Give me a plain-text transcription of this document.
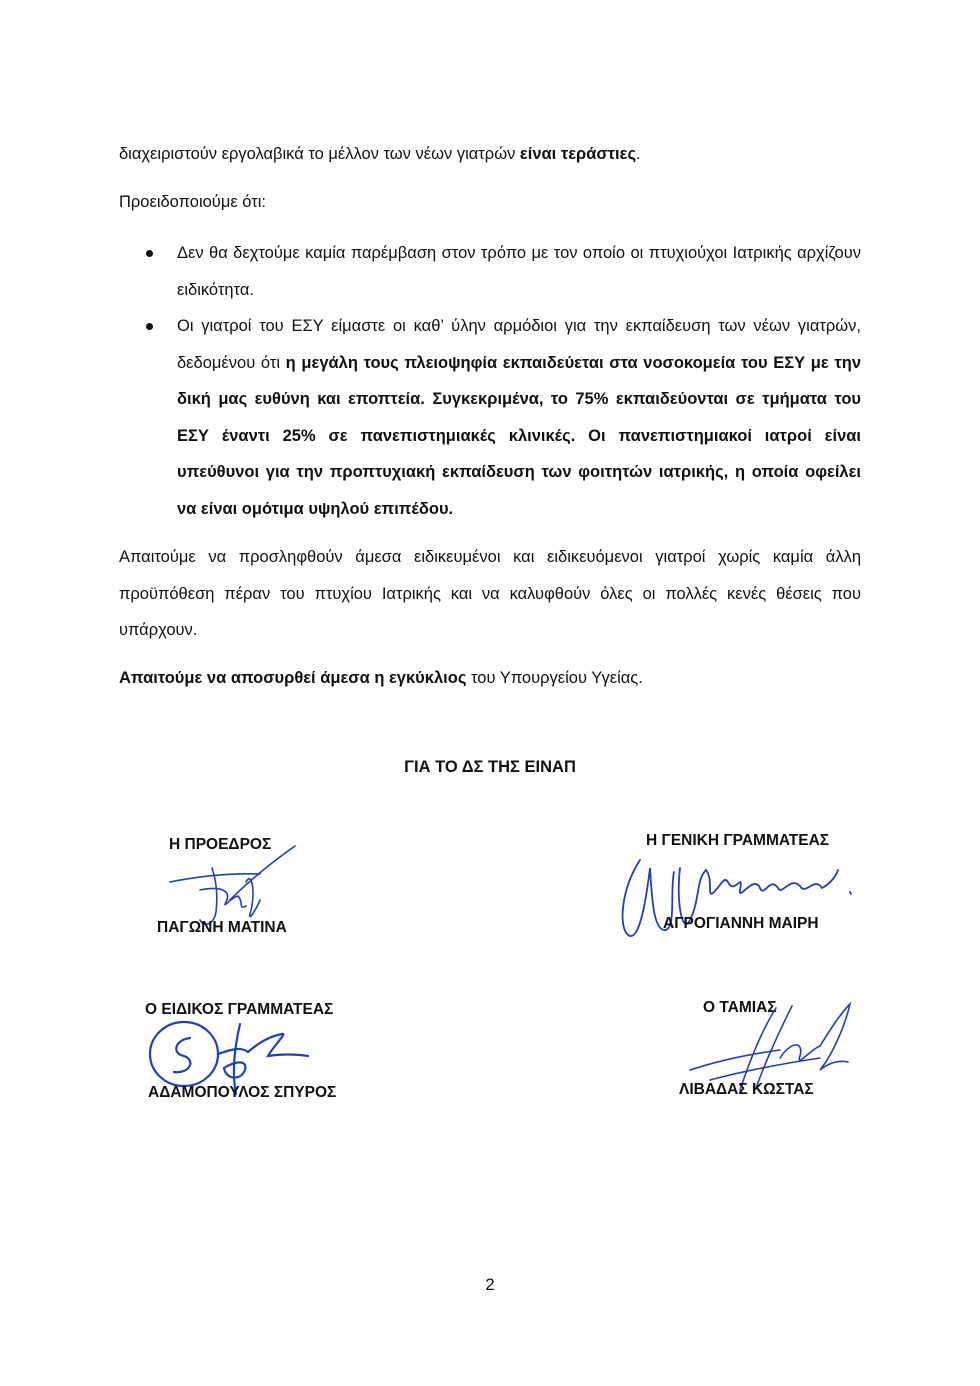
διαχειριστούν εργολαβικά το μέλλον των νέων γιατρών είναι τεράστιες.

Προειδοποιούμε ότι:

Δεν θα δεχτούμε καμία παρέμβαση στον τρόπο με τον οποίο οι πτυχιούχοι Ιατρικής αρχίζουν ειδικότητα.

Οι γιατροί του ΕΣΥ είμαστε οι καθ’ ύλην αρμόδιοι για την εκπαίδευση των νέων γιατρών, δεδομένου ότι η μεγάλη τους πλειοψηφία εκπαιδεύεται στα νοσοκομεία του ΕΣΥ με την δική μας ευθύνη και εποπτεία. Συγκεκριμένα, το 75% εκπαιδεύονται σε τμήματα του ΕΣΥ έναντι 25% σε πανεπιστημιακές κλινικές. Οι πανεπιστημιακοί ιατροί είναι υπεύθυνοι για την προπτυχιακή εκπαίδευση των φοιτητών ιατρικής, η οποία οφείλει να είναι ομότιμα υψηλού επιπέδου.

Απαιτούμε να προσληφθούν άμεσα ειδικευμένοι και ειδικευόμενοι γιατροί χωρίς καμία άλλη προϋπόθεση πέραν του πτυχίου Ιατρικής και να καλυφθούν όλες οι πολλές κενές θέσεις που υπάρχουν.

Απαιτούμε να αποσυρθεί άμεσα η εγκύκλιος του Υπουργείου Υγείας.

ΓΙΑ ΤΟ ΔΣ ΤΗΣ ΕΙΝΑΠ
Η ΠΡΟΕΔΡΟΣ
ΠΑΓΩΝΗ ΜΑΤΙΝΑ
Η ΓΕΝΙΚΗ ΓΡΑΜΜΑΤΕΑΣ
ΑΓΡΟΓΙΑΝΝΗ ΜΑΙΡΗ
Ο ΕΙΔΙΚΟΣ ΓΡΑΜΜΑΤΕΑΣ
ΑΔΑΜΟΠΟΥΛΟΣ ΣΠΥΡΟΣ
Ο ΤΑΜΙΑΣ
ΛΙΒΑΔΑΣ ΚΩΣΤΑΣ
2
